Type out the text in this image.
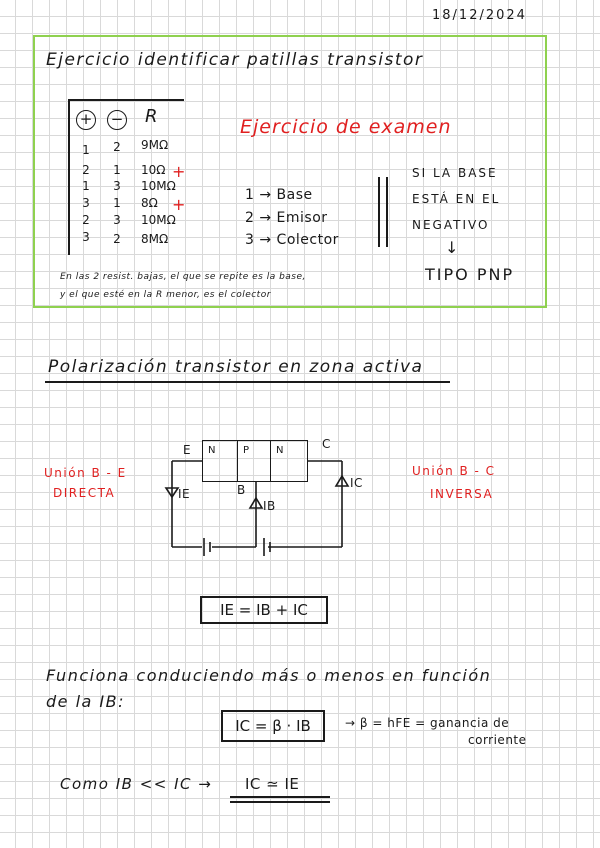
18/12/2024
Ejercicio identificar patillas transistor
+ − R
1	2	9MΩ
2	1	10Ω
1	3	10MΩ
3	1	8Ω
2	3	10MΩ
3	2	8MΩ
+
+
Ejercicio de examen
1 → Base
2 → Emisor
3 → Colector
SI LA BASE
ESTÁ EN EL
NEGATIVO
↓
TIPO PNP
En las 2 resist. bajas, el que se repite es la base,
y el que esté en la R menor, es el colector
Polarización transistor en zona activa
Unión B - E
DIRECTA
Unión B - C
INVERSA
N	P	N
E	C
B
IE
IB
IC
IE = IB + IC
Funciona conduciendo más o menos en función
de la IB:
IC = β · IB	→ β = hFE = ganancia de
corriente
Como IB << IC → IC ≃ IE
